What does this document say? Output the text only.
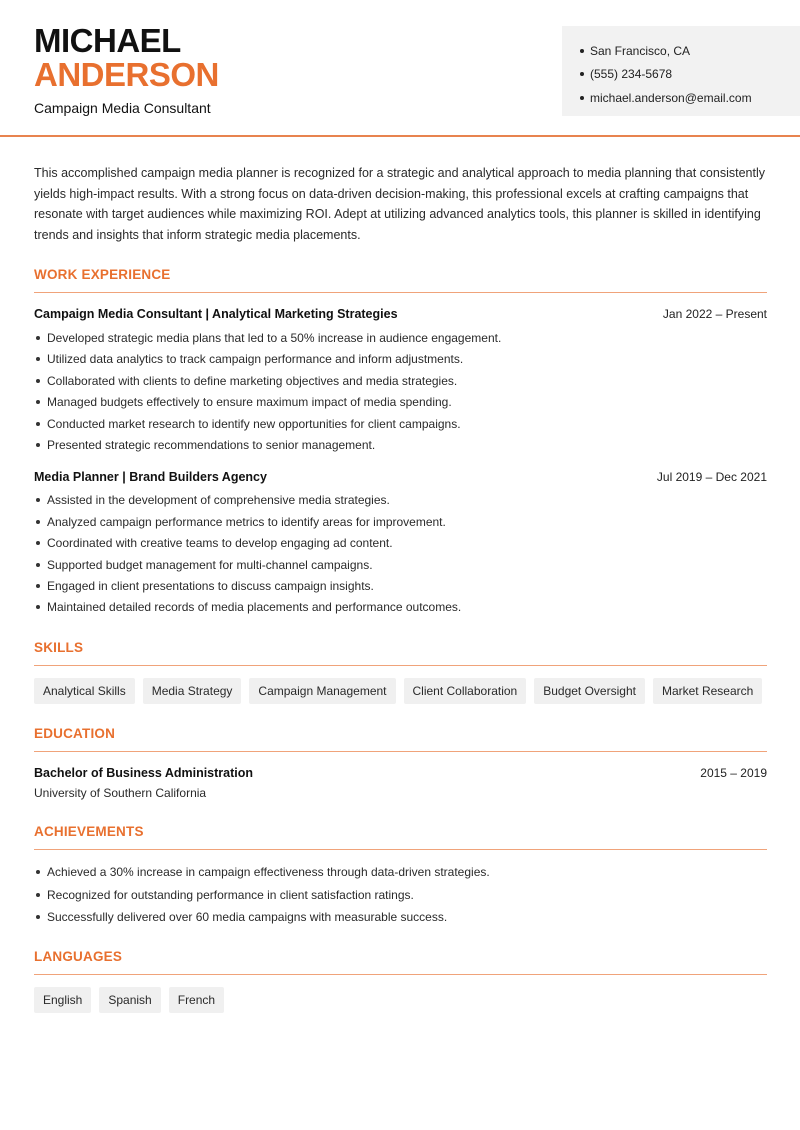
MICHAEL
ANDERSON
Campaign Media Consultant
San Francisco, CA
(555) 234-5678
michael.anderson@email.com

This accomplished campaign media planner is recognized for a strategic and analytical approach to media planning that consistently yields high-impact results. With a strong focus on data-driven decision-making, this professional excels at crafting campaigns that resonate with target audiences while maximizing ROI. Adept at utilizing advanced analytics tools, this planner is skilled in identifying trends and insights that inform strategic media placements.

WORK EXPERIENCE
Campaign Media Consultant | Analytical Marketing Strategies	Jan 2022 – Present
Developed strategic media plans that led to a 50% increase in audience engagement.
Utilized data analytics to track campaign performance and inform adjustments.
Collaborated with clients to define marketing objectives and media strategies.
Managed budgets effectively to ensure maximum impact of media spending.
Conducted market research to identify new opportunities for client campaigns.
Presented strategic recommendations to senior management.
Media Planner | Brand Builders Agency	Jul 2019 – Dec 2021
Assisted in the development of comprehensive media strategies.
Analyzed campaign performance metrics to identify areas for improvement.
Coordinated with creative teams to develop engaging ad content.
Supported budget management for multi-channel campaigns.
Engaged in client presentations to discuss campaign insights.
Maintained detailed records of media placements and performance outcomes.
SKILLS
Analytical Skills	Media Strategy	Campaign Management	Client Collaboration	Budget Oversight	Market Research
EDUCATION
Bachelor of Business Administration	2015 – 2019
University of Southern California
ACHIEVEMENTS
Achieved a 30% increase in campaign effectiveness through data-driven strategies.
Recognized for outstanding performance in client satisfaction ratings.
Successfully delivered over 60 media campaigns with measurable success.
LANGUAGES
English	Spanish	French
